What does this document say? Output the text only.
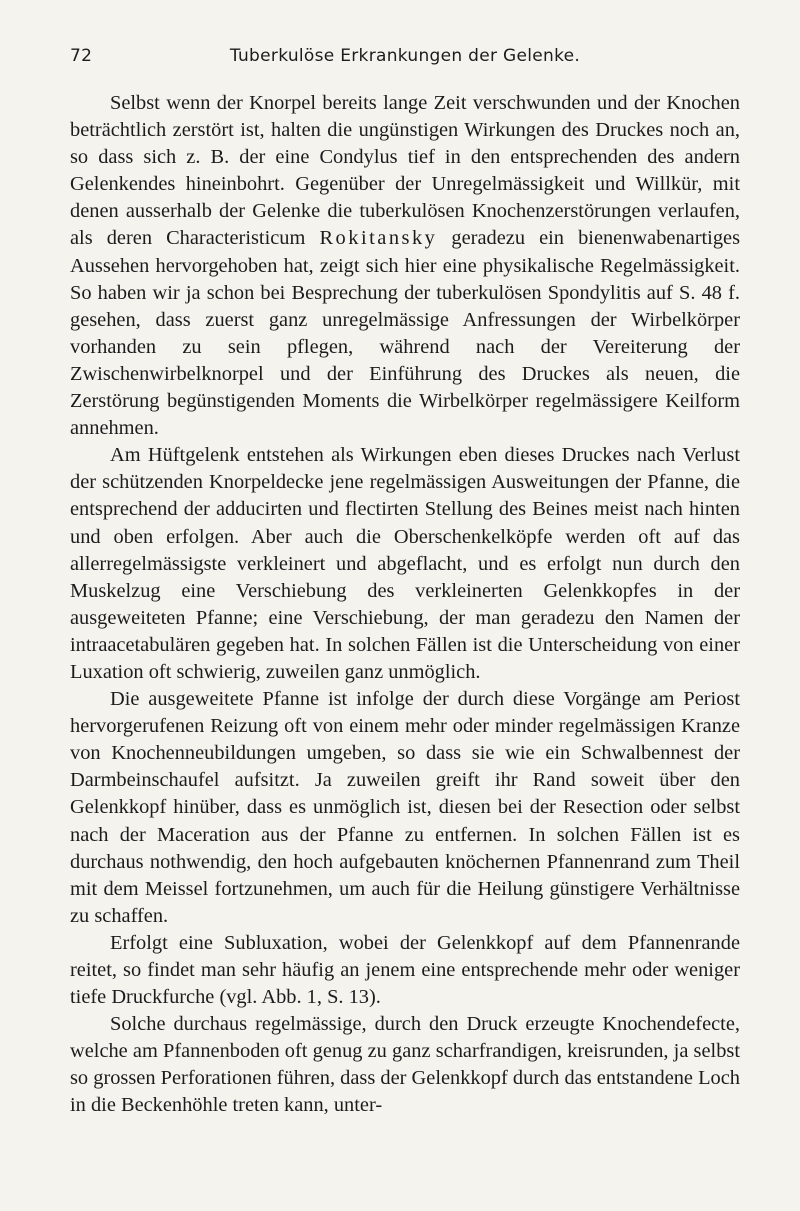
72	Tuberkulöse Erkrankungen der Gelenke.

Selbst wenn der Knorpel bereits lange Zeit verschwunden und der Knochen beträchtlich zerstört ist, halten die ungünstigen Wirkungen des Druckes noch an, so dass sich z. B. der eine Condylus tief in den entsprechenden des andern Gelenkendes hineinbohrt. Gegenüber der Unregelmässigkeit und Willkür, mit denen ausserhalb der Gelenke die tuberkulösen Knochenzerstörungen verlaufen, als deren Characteristicum Rokitansky geradezu ein bienenwabenartiges Aussehen hervorgehoben hat, zeigt sich hier eine physikalische Regelmässigkeit. So haben wir ja schon bei Besprechung der tuberkulösen Spondylitis auf S. 48 f. gesehen, dass zuerst ganz unregelmässige Anfressungen der Wirbelkörper vorhanden zu sein pflegen, während nach der Vereiterung der Zwischenwirbelknorpel und der Einführung des Druckes als neuen, die Zerstörung begünstigenden Moments die Wirbelkörper regelmässigere Keilform annehmen.

Am Hüftgelenk entstehen als Wirkungen eben dieses Druckes nach Verlust der schützenden Knorpeldecke jene regelmässigen Ausweitungen der Pfanne, die entsprechend der adducirten und flectirten Stellung des Beines meist nach hinten und oben erfolgen. Aber auch die Oberschenkelköpfe werden oft auf das allerregelmässigste verkleinert und abgeflacht, und es erfolgt nun durch den Muskelzug eine Verschiebung des verkleinerten Gelenkkopfes in der ausgeweiteten Pfanne; eine Verschiebung, der man geradezu den Namen der intraacetabulären gegeben hat. In solchen Fällen ist die Unterscheidung von einer Luxation oft schwierig, zuweilen ganz unmöglich.

Die ausgeweitete Pfanne ist infolge der durch diese Vorgänge am Periost hervorgerufenen Reizung oft von einem mehr oder minder regelmässigen Kranze von Knochenneubildungen umgeben, so dass sie wie ein Schwalbennest der Darmbeinschaufel aufsitzt. Ja zuweilen greift ihr Rand soweit über den Gelenkkopf hinüber, dass es unmöglich ist, diesen bei der Resection oder selbst nach der Maceration aus der Pfanne zu entfernen. In solchen Fällen ist es durchaus nothwendig, den hoch aufgebauten knöchernen Pfannenrand zum Theil mit dem Meissel fortzunehmen, um auch für die Heilung günstigere Verhältnisse zu schaffen.

Erfolgt eine Subluxation, wobei der Gelenkkopf auf dem Pfannenrande reitet, so findet man sehr häufig an jenem eine entsprechende mehr oder weniger tiefe Druckfurche (vgl. Abb. 1, S. 13).

Solche durchaus regelmässige, durch den Druck erzeugte Knochendefecte, welche am Pfannenboden oft genug zu ganz scharfrandigen, kreisrunden, ja selbst so grossen Perforationen führen, dass der Gelenkkopf durch das entstandene Loch in die Beckenhöhle treten kann, unter-
